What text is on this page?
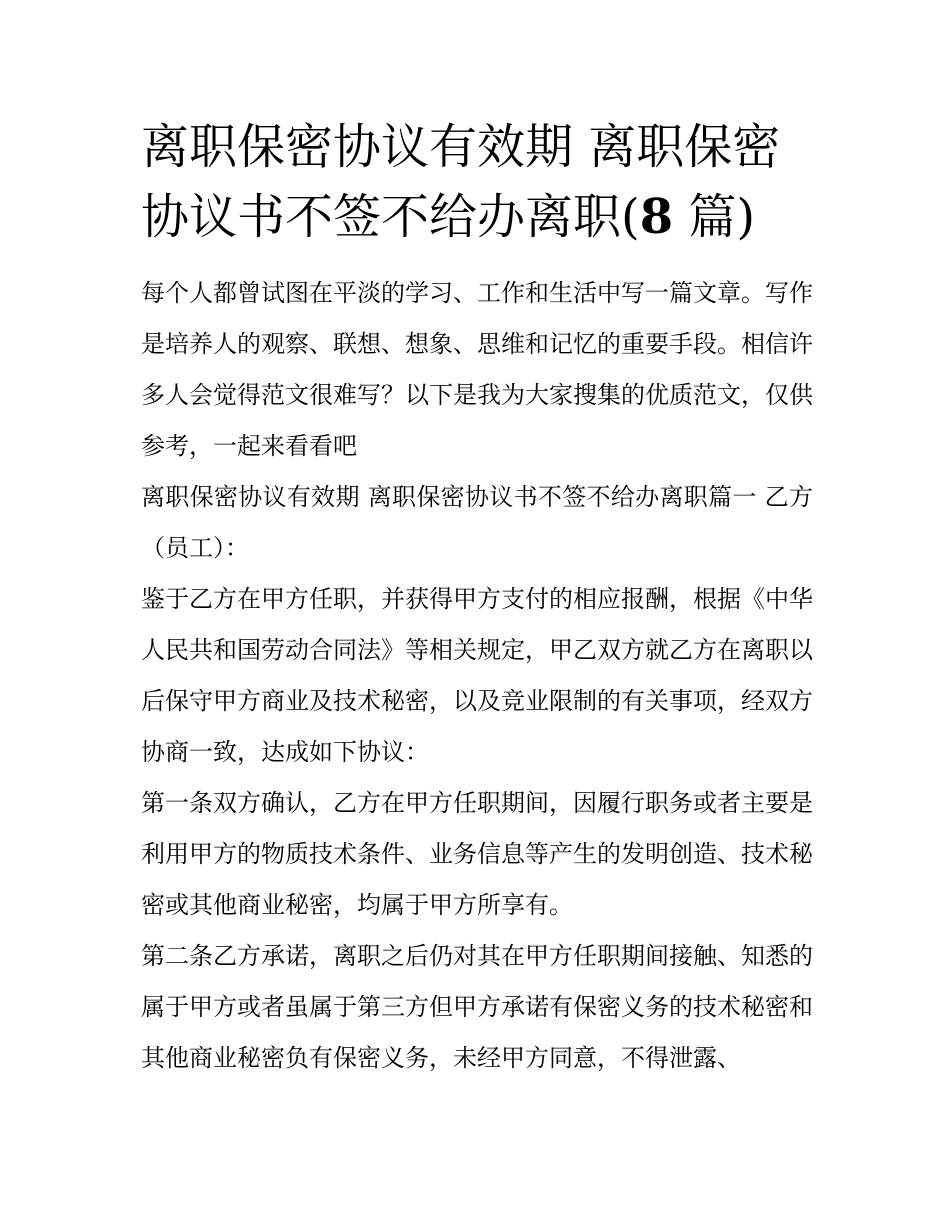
离职保密协议有效期 离职保密协议书不签不给办离职(8 篇)

每个人都曾试图在平淡的学习、工作和生活中写一篇文章。写作是培养人的观察、联想、想象、思维和记忆的重要手段。相信许多人会觉得范文很难写？以下是我为大家搜集的优质范文，仅供参考，一起来看看吧

离职保密协议有效期 离职保密协议书不签不给办离职篇一 乙方（员工）：

鉴于乙方在甲方任职，并获得甲方支付的相应报酬，根据《中华人民共和国劳动合同法》等相关规定，甲乙双方就乙方在离职以后保守甲方商业及技术秘密，以及竞业限制的有关事项，经双方协商一致，达成如下协议：

第一条双方确认，乙方在甲方任职期间，因履行职务或者主要是利用甲方的物质技术条件、业务信息等产生的发明创造、技术秘密或其他商业秘密，均属于甲方所享有。

第二条乙方承诺，离职之后仍对其在甲方任职期间接触、知悉的属于甲方或者虽属于第三方但甲方承诺有保密义务的技术秘密和其他商业秘密负有保密义务，未经甲方同意，不得泄露、
